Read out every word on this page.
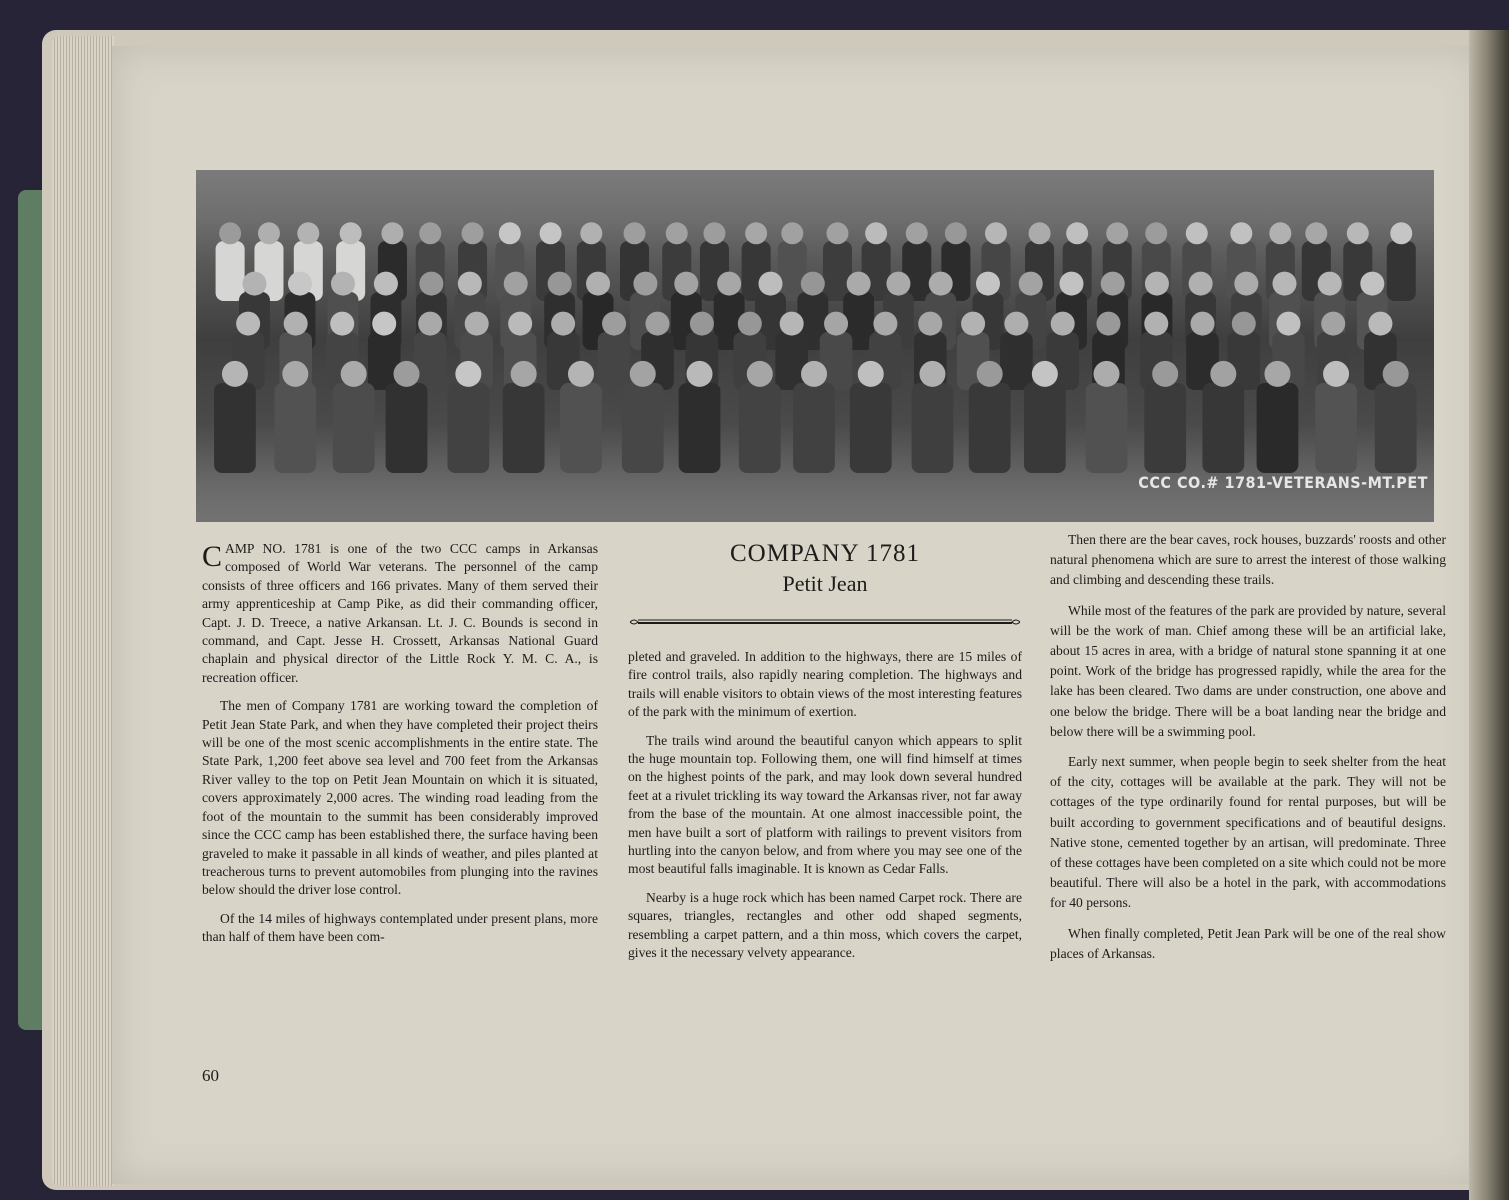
CCC CO.# 1781-VETERANS-MT.PET

CAMP NO. 1781 is one of the two CCC camps in Arkansas composed of World War veterans. The personnel of the camp consists of three officers and 166 privates. Many of them served their army apprenticeship at Camp Pike, as did their commanding officer, Capt. J. D. Treece, a native Arkansan. Lt. J. C. Bounds is second in command, and Capt. Jesse H. Crossett, Arkansas National Guard chaplain and physical director of the Little Rock Y. M. C. A., is recreation officer.

The men of Company 1781 are working toward the completion of Petit Jean State Park, and when they have completed their project theirs will be one of the most scenic accomplishments in the entire state. The State Park, 1,200 feet above sea level and 700 feet from the Arkansas River valley to the top on Petit Jean Mountain on which it is situated, covers approximately 2,000 acres. The winding road leading from the foot of the mountain to the summit has been considerably improved since the CCC camp has been established there, the surface having been graveled to make it passable in all kinds of weather, and piles planted at treacherous turns to prevent automobiles from plunging into the ravines below should the driver lose control.

Of the 14 miles of highways contemplated under present plans, more than half of them have been com-

COMPANY 1781
Petit Jean

pleted and graveled. In addition to the highways, there are 15 miles of fire control trails, also rapidly nearing completion. The highways and trails will enable visitors to obtain views of the most interesting features of the park with the minimum of exertion.

The trails wind around the beautiful canyon which appears to split the huge mountain top. Following them, one will find himself at times on the highest points of the park, and may look down several hundred feet at a rivulet trickling its way toward the Arkansas river, not far away from the base of the mountain. At one almost inaccessible point, the men have built a sort of platform with railings to prevent visitors from hurtling into the canyon below, and from where you may see one of the most beautiful falls imaginable. It is known as Cedar Falls.

Nearby is a huge rock which has been named Carpet rock. There are squares, triangles, rectangles and other odd shaped segments, resembling a carpet pattern, and a thin moss, which covers the carpet, gives it the necessary velvety appearance.

Then there are the bear caves, rock houses, buzzards' roosts and other natural phenomena which are sure to arrest the interest of those walking and climbing and descending these trails.

While most of the features of the park are provided by nature, several will be the work of man. Chief among these will be an artificial lake, about 15 acres in area, with a bridge of natural stone spanning it at one point. Work of the bridge has progressed rapidly, while the area for the lake has been cleared. Two dams are under construction, one above and one below the bridge. There will be a boat landing near the bridge and below there will be a swimming pool.

Early next summer, when people begin to seek shelter from the heat of the city, cottages will be available at the park. They will not be cottages of the type ordinarily found for rental purposes, but will be built according to government specifications and of beautiful designs. Native stone, cemented together by an artisan, will predominate. Three of these cottages have been completed on a site which could not be more beautiful. There will also be a hotel in the park, with accommodations for 40 persons.

When finally completed, Petit Jean Park will be one of the real show places of Arkansas.

60
